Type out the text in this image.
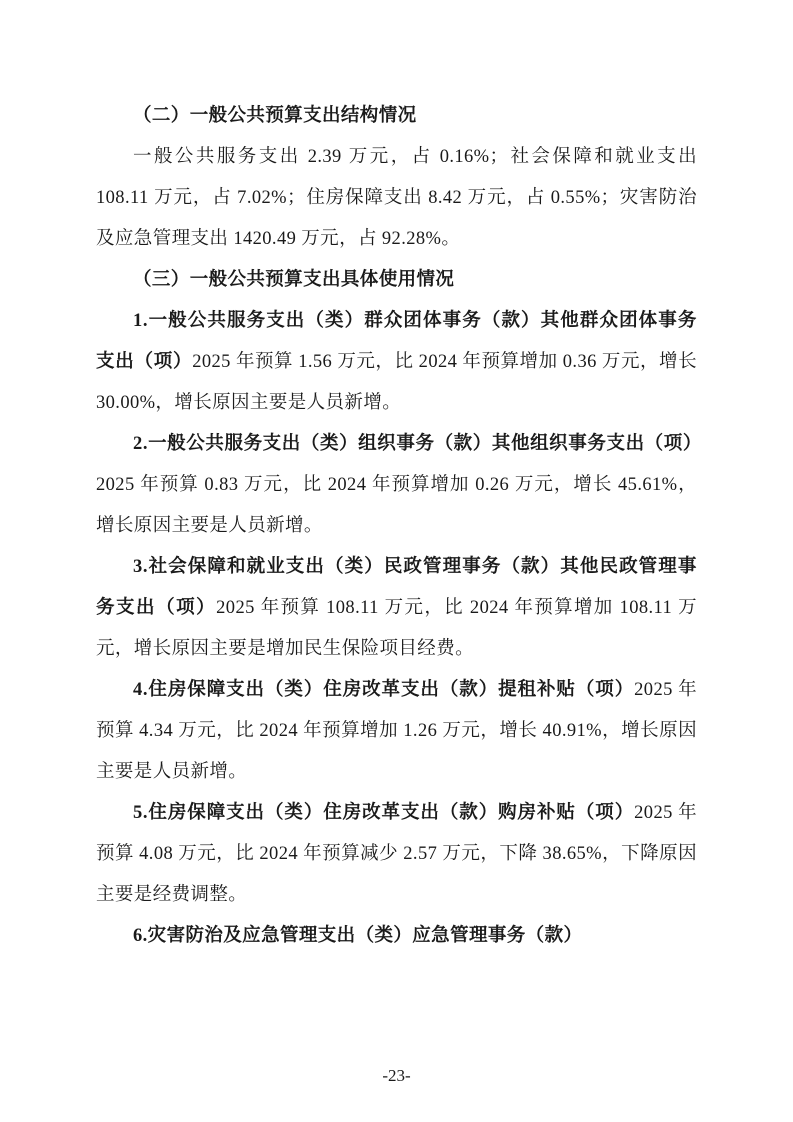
（二）一般公共预算支出结构情况

一般公共服务支出 2.39 万元，占 0.16%；社会保障和就业支出 108.11 万元，占 7.02%；住房保障支出 8.42 万元，占 0.55%；灾害防治及应急管理支出 1420.49 万元，占 92.28%。

（三）一般公共预算支出具体使用情况

1.一般公共服务支出（类）群众团体事务（款）其他群众团体事务支出（项）2025 年预算 1.56 万元，比 2024 年预算增加 0.36 万元，增长 30.00%，增长原因主要是人员新增。

2.一般公共服务支出（类）组织事务（款）其他组织事务支出（项）2025 年预算 0.83 万元，比 2024 年预算增加 0.26 万元，增长 45.61%，增长原因主要是人员新增。

3.社会保障和就业支出（类）民政管理事务（款）其他民政管理事务支出（项）2025 年预算 108.11 万元，比 2024 年预算增加 108.11 万元，增长原因主要是增加民生保险项目经费。

4.住房保障支出（类）住房改革支出（款）提租补贴（项）2025 年预算 4.34 万元，比 2024 年预算增加 1.26 万元，增长 40.91%，增长原因主要是人员新增。

5.住房保障支出（类）住房改革支出（款）购房补贴（项）2025 年预算 4.08 万元，比 2024 年预算减少 2.57 万元，下降 38.65%，下降原因主要是经费调整。

6.灾害防治及应急管理支出（类）应急管理事务（款）

-23-
